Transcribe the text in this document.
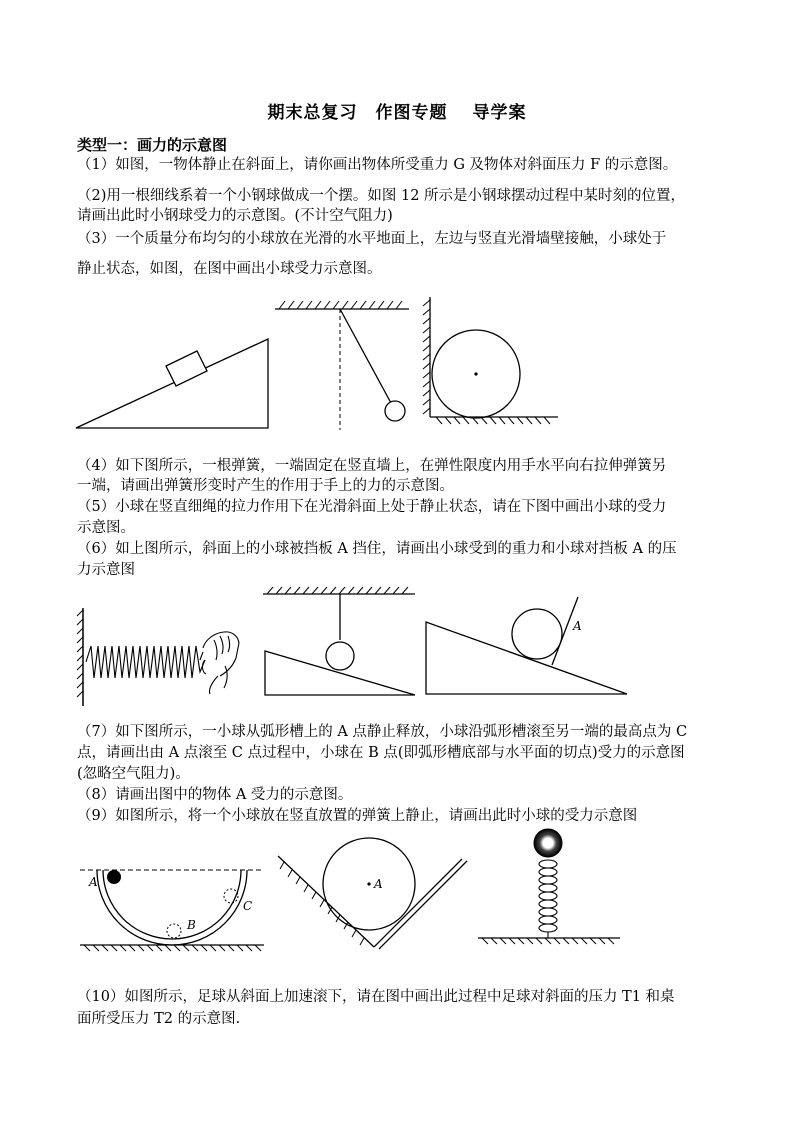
期末总复习　作图专题　 导学案
类型一：画力的示意图
（1）如图，一物体静止在斜面上，请你画出物体所受重力 G 及物体对斜面压力 F 的示意图。
（2)用一根细线系着一个小钢球做成一个摆。如图 12 所示是小钢球摆动过程中某时刻的位置，
请画出此时小钢球受力的示意图。(不计空气阻力)
（3）一个质量分布均匀的小球放在光滑的水平地面上，左边与竖直光滑墙壁接触，小球处于
静止状态，如图，在图中画出小球受力示意图。
（4）如下图所示，一根弹簧，一端固定在竖直墙上，在弹性限度内用手水平向右拉伸弹簧另
一端，请画出弹簧形变时产生的作用于手上的力的示意图。
（5）小球在竖直细绳的拉力作用下在光滑斜面上处于静止状态，请在下图中画出小球的受力
示意图。
（6）如上图所示，斜面上的小球被挡板 A 挡住，请画出小球受到的重力和小球对挡板 A 的压
力示意图
（7）如下图所示，一小球从弧形槽上的 A 点静止释放，小球沿弧形槽滚至另一端的最高点为 C
点，请画出由 A 点滚至 C 点过程中，小球在 B 点(即弧形槽底部与水平面的切点)受力的示意图
(忽略空气阻力)。
（8）请画出图中的物体 A 受力的示意图。
（9）如图所示，将一个小球放在竖直放置的弹簧上静止，请画出此时小球的受力示意图
（10）如图所示，足球从斜面上加速滚下，请在图中画出此过程中足球对斜面的压力 T1 和桌
面所受压力 T2 的示意图.
A
A
B
C
A
